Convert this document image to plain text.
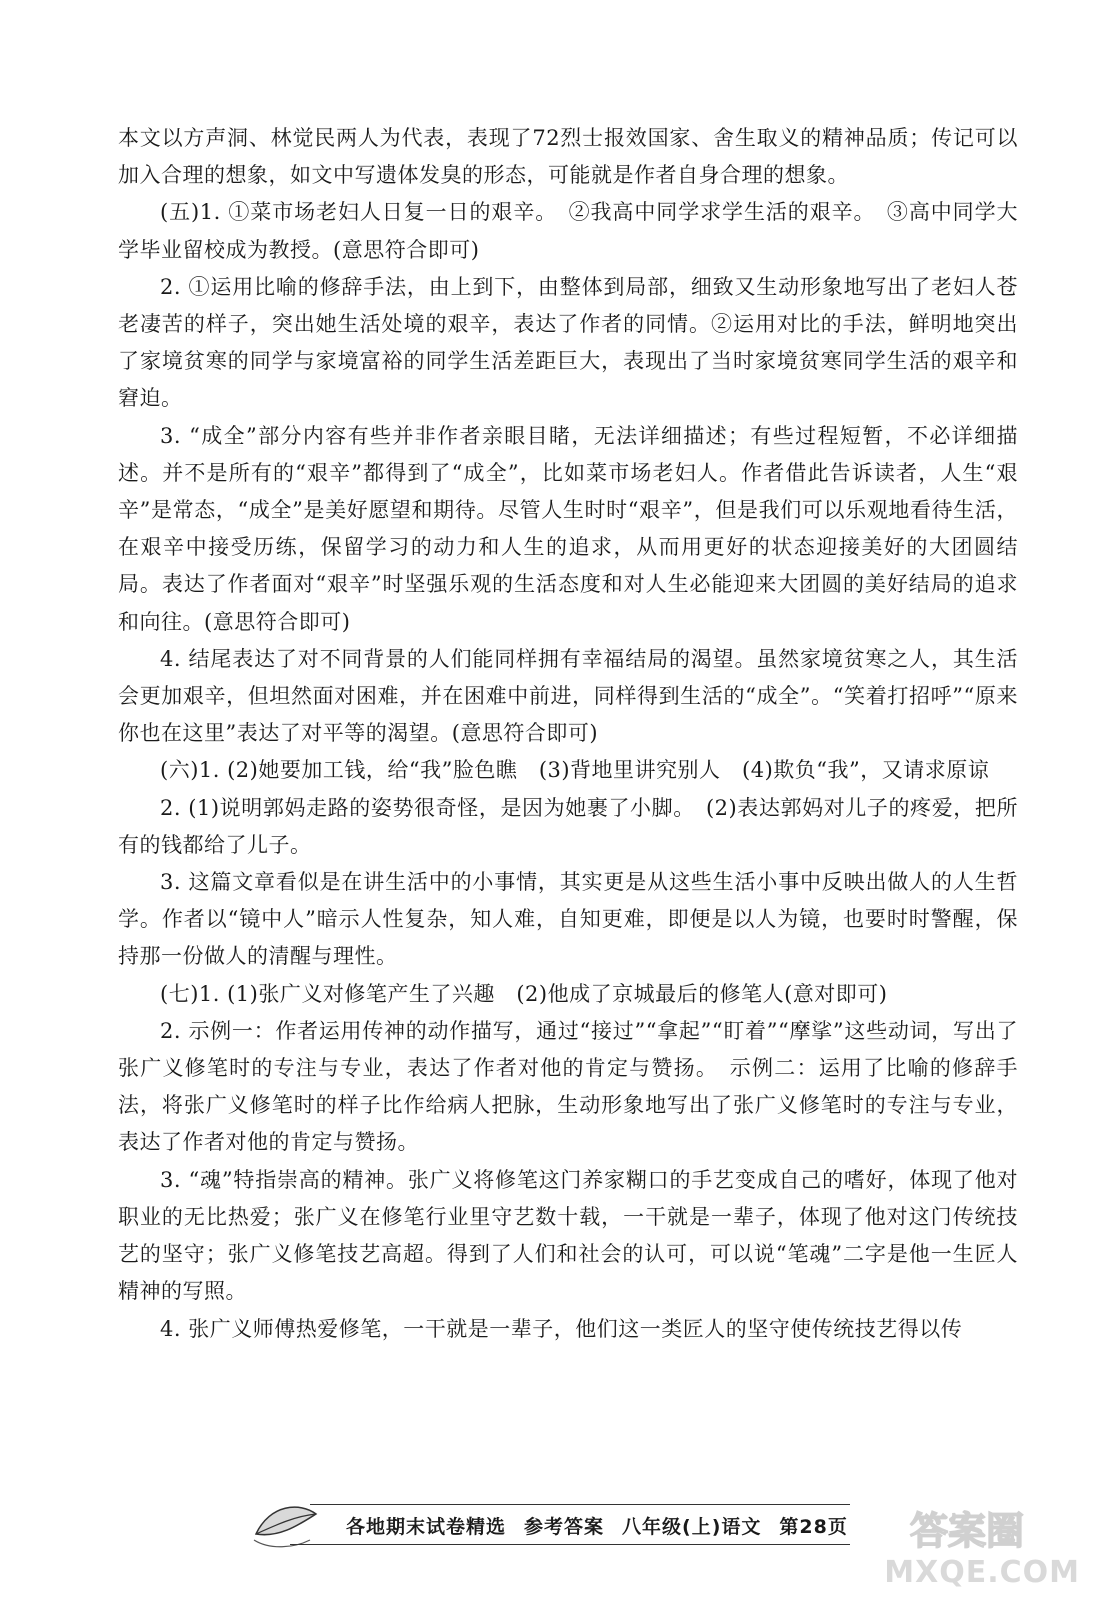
本文以方声洞、林觉民两人为代表，表现了72烈士报效国家、舍生取义的精神品质；传记可以加入合理的想象，如文中写遗体发臭的形态，可能就是作者自身合理的想象。

(五)1. ①菜市场老妇人日复一日的艰辛。　②我高中同学求学生活的艰辛。　③高中同学大学毕业留校成为教授。(意思符合即可)

2. ①运用比喻的修辞手法，由上到下，由整体到局部，细致又生动形象地写出了老妇人苍老凄苦的样子，突出她生活处境的艰辛，表达了作者的同情。②运用对比的手法，鲜明地突出了家境贫寒的同学与家境富裕的同学生活差距巨大，表现出了当时家境贫寒同学生活的艰辛和窘迫。

3. “成全”部分内容有些并非作者亲眼目睹，无法详细描述；有些过程短暂，不必详细描述。并不是所有的“艰辛”都得到了“成全”，比如菜市场老妇人。作者借此告诉读者，人生“艰辛”是常态，“成全”是美好愿望和期待。尽管人生时时“艰辛”，但是我们可以乐观地看待生活，在艰辛中接受历练，保留学习的动力和人生的追求，从而用更好的状态迎接美好的大团圆结局。表达了作者面对“艰辛”时坚强乐观的生活态度和对人生必能迎来大团圆的美好结局的追求和向往。(意思符合即可)

4. 结尾表达了对不同背景的人们能同样拥有幸福结局的渴望。虽然家境贫寒之人，其生活会更加艰辛，但坦然面对困难，并在困难中前进，同样得到生活的“成全”。“笑着打招呼”“原来你也在这里”表达了对平等的渴望。(意思符合即可)

(六)1. (2)她要加工钱，给“我”脸色瞧　(3)背地里讲究别人　(4)欺负“我”，又请求原谅

2. (1)说明郭妈走路的姿势很奇怪，是因为她裹了小脚。　(2)表达郭妈对儿子的疼爱，把所有的钱都给了儿子。

3. 这篇文章看似是在讲生活中的小事情，其实更是从这些生活小事中反映出做人的人生哲学。作者以“镜中人”暗示人性复杂，知人难，自知更难，即便是以人为镜，也要时时警醒，保持那一份做人的清醒与理性。

(七)1. (1)张广义对修笔产生了兴趣　(2)他成了京城最后的修笔人(意对即可)

2. 示例一：作者运用传神的动作描写，通过“接过”“拿起”“盯着”“摩挲”这些动词，写出了张广义修笔时的专注与专业，表达了作者对他的肯定与赞扬。　示例二：运用了比喻的修辞手法，将张广义修笔时的样子比作给病人把脉，生动形象地写出了张广义修笔时的专注与专业，表达了作者对他的肯定与赞扬。

3. “魂”特指崇高的精神。张广义将修笔这门养家糊口的手艺变成自己的嗜好，体现了他对职业的无比热爱；张广义在修笔行业里守艺数十载，一干就是一辈子，体现了他对这门传统技艺的坚守；张广义修笔技艺高超。得到了人们和社会的认可，可以说“笔魂”二字是他一生匠人精神的写照。

4. 张广义师傅热爱修笔，一干就是一辈子，他们这一类匠人的坚守使传统技艺得以传

各地期末试卷精选 参考答案 八年级(上)语文 第28页	答案圈
MXQE.COM
